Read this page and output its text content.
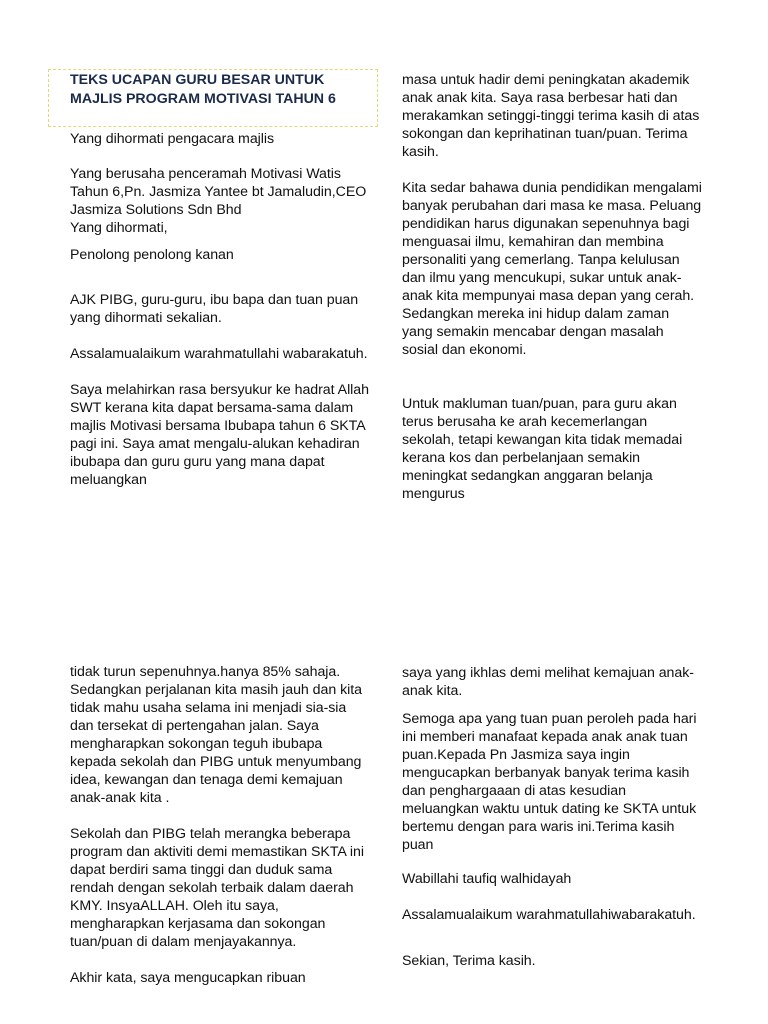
TEKS UCAPAN GURU BESAR UNTUK MAJLIS PROGRAM MOTIVASI TAHUN 6

Yang dihormati pengacara majlis

Yang berusaha penceramah Motivasi Watis Tahun 6,Pn. Jasmiza Yantee bt Jamaludin,CEO Jasmiza Solutions Sdn Bhd
Yang dihormati,

Penolong penolong kanan

AJK PIBG, guru-guru, ibu bapa dan tuan puan yang dihormati sekalian.

Assalamualaikum warahmatullahi wabarakatuh.

Saya melahirkan rasa bersyukur ke hadrat Allah SWT kerana kita dapat bersama-sama dalam majlis Motivasi bersama Ibubapa tahun 6 SKTA pagi ini. Saya amat mengalu-alukan kehadiran ibubapa dan guru guru yang mana dapat meluangkan

masa untuk hadir demi peningkatan akademik anak anak kita. Saya rasa berbesar hati dan merakamkan setinggi-tinggi terima kasih di atas sokongan dan keprihatinan tuan/puan. Terima kasih.

Kita sedar bahawa dunia pendidikan mengalami banyak perubahan dari masa ke masa. Peluang pendidikan harus digunakan sepenuhnya bagi menguasai ilmu, kemahiran dan membina personaliti yang cemerlang. Tanpa kelulusan dan ilmu yang mencukupi, sukar untuk anak-anak kita mempunyai masa depan yang cerah. Sedangkan mereka ini hidup dalam zaman yang semakin mencabar dengan masalah sosial dan ekonomi.

Untuk makluman tuan/puan, para guru akan terus berusaha ke arah kecemerlangan sekolah, tetapi kewangan kita tidak memadai kerana kos dan perbelanjaan semakin meningkat sedangkan anggaran belanja mengurus

tidak turun sepenuhnya.hanya 85% sahaja. Sedangkan perjalanan kita masih jauh dan kita tidak mahu usaha selama ini menjadi sia-sia dan tersekat di pertengahan jalan. Saya mengharapkan sokongan teguh ibubapa kepada sekolah dan PIBG untuk menyumbang idea, kewangan dan tenaga demi kemajuan anak-anak kita .

Sekolah dan PIBG telah merangka beberapa program dan aktiviti demi memastikan SKTA ini dapat berdiri sama tinggi dan duduk sama rendah dengan sekolah terbaik dalam daerah KMY. InsyaALLAH. Oleh itu saya, mengharapkan kerjasama dan sokongan tuan/puan di dalam menjayakannya.

Akhir kata, saya mengucapkan ribuan

saya yang ikhlas demi melihat kemajuan anak-anak kita.

Semoga apa yang tuan puan peroleh pada hari ini memberi manafaat kepada anak anak tuan puan.Kepada Pn Jasmiza saya ingin mengucapkan berbanyak banyak terima kasih dan penghargaaan di atas kesudian meluangkan waktu untuk dating ke SKTA untuk bertemu dengan para waris ini.Terima kasih puan

Wabillahi taufiq walhidayah

Assalamualaikum warahmatullahiwabarakatuh.

Sekian, Terima kasih.
